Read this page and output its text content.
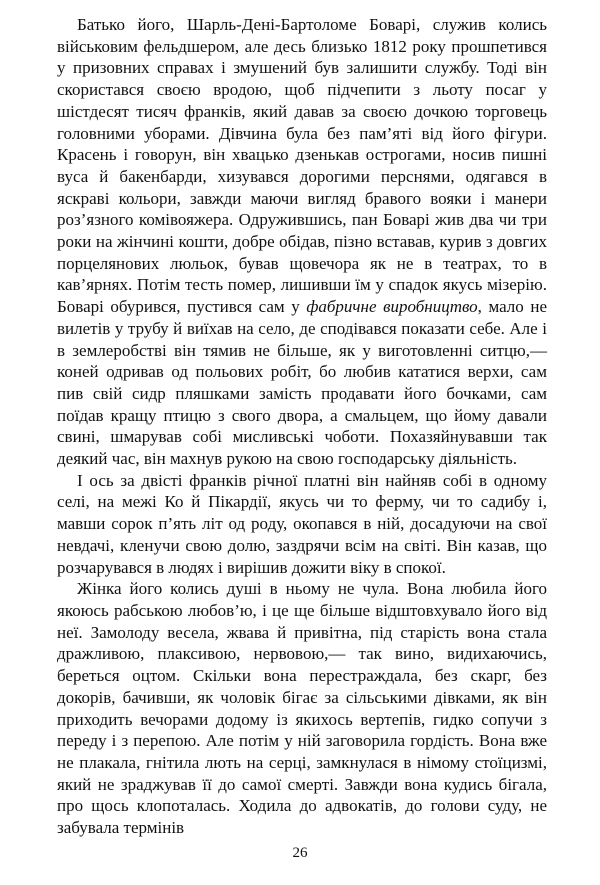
Батько його, Шарль-Дені-Бартоломе Боварі, служив колись військовим фельдшером, але десь близько 1812 року прошпетився у призовних справах і змушений був залишити службу. Тоді він скористався своєю вродою, щоб підчепити з льоту посаг у шістдесят тисяч франків, який давав за своєю дочкою торговець головними уборами. Дівчина була без пам’яті від його фігури. Красень і говорун, він хвацько дзенькав острогами, носив пишні вуса й бакенбарди, хизувався дорогими перснями, одягався в яскраві кольори, завжди маючи вигляд бравого вояки і манери роз’язного комівояжера. Одружившись, пан Боварі жив два чи три роки на жінчині кошти, добре обідав, пізно вставав, курив з довгих порцелянових люльок, бував щовечора як не в театрах, то в кав’ярнях. Потім тесть помер, лишивши їм у спадок якусь мізерію. Боварі обурився, пустився сам у фабричне виробництво, мало не вилетів у трубу й виїхав на село, де сподівався показати себе. Але і в землеробстві він тямив не більше, як у виготовленні ситцю,— коней одривав од польових робіт, бо любив кататися верхи, сам пив свій сидр пляшками замість продавати його бочками, сам поїдав кращу птицю з свого двора, а смальцем, що йому давали свині, шмарував собі мисливські чоботи. Похазяйнувавши так деякий час, він махнув рукою на свою господарську діяльність.

І ось за двісті франків річної платні він найняв собі в одному селі, на межі Ко й Пікардії, якусь чи то ферму, чи то садибу і, мавши сорок п’ять літ од роду, окопався в ній, досадуючи на свої невдачі, кленучи свою долю, заздрячи всім на світі. Він казав, що розчарувався в людях і вирішив дожити віку в спокої.

Жінка його колись душі в ньому не чула. Вона любила його якоюсь рабською любов’ю, і це ще більше відштовхувало його від неї. Замолоду весела, жвава й привітна, під старість вона стала дражливою, плаксивою, нервовою,— так вино, видихаючись, береться оцтом. Скільки вона перестраждала, без скарг, без докорів, бачивши, як чоловік бігає за сільськими дівками, як він приходить вечорами додому із якихось вертепів, гидко сопучи з переду і з перепою. Але потім у ній заговорила гордість. Вона вже не плакала, гнітила лють на серці, замкнулася в німому стоїцизмі, який не зраджував її до самої смерті. Завжди вона кудись бігала, про щось клопоталась. Ходила до адвокатів, до голови суду, не забувала термінів

26
